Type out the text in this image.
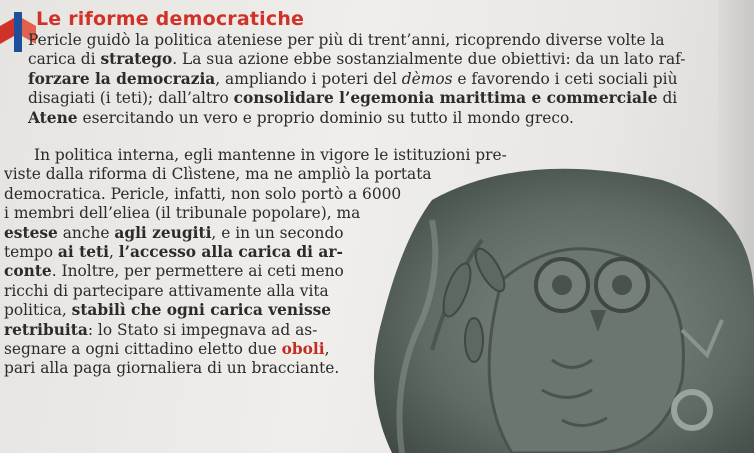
Le riforme democratiche

Pericle guidò la politica ateniese per più di trent’anni, ricoprendo diverse volte la
carica di stratego. La sua azione ebbe sostanzialmente due obiettivi: da un lato raf-
forzare la democrazia, ampliando i poteri del dèmos e favorendo i ceti sociali più
disagiati (i teti); dall’altro consolidare l’egemonia marittima e commerciale di
Atene esercitando un vero e proprio dominio su tutto il mondo greco.

In politica interna, egli mantenne in vigore le istituzioni pre-
viste dalla riforma di Clìstene, ma ne ampliò la portata
democratica. Pericle, infatti, non solo portò a 6000
i membri dell’eliea (il tribunale popolare), ma
estese anche agli zeugiti, e in un secondo
tempo ai teti, l’accesso alla carica di ar-
conte. Inoltre, per permettere ai ceti meno
ricchi di partecipare attivamente alla vita
politica, stabilì che ogni carica venisse
retribuita: lo Stato si impegnava ad as-
segnare a ogni cittadino eletto due oboli,
pari alla paga giornaliera di un bracciante.
